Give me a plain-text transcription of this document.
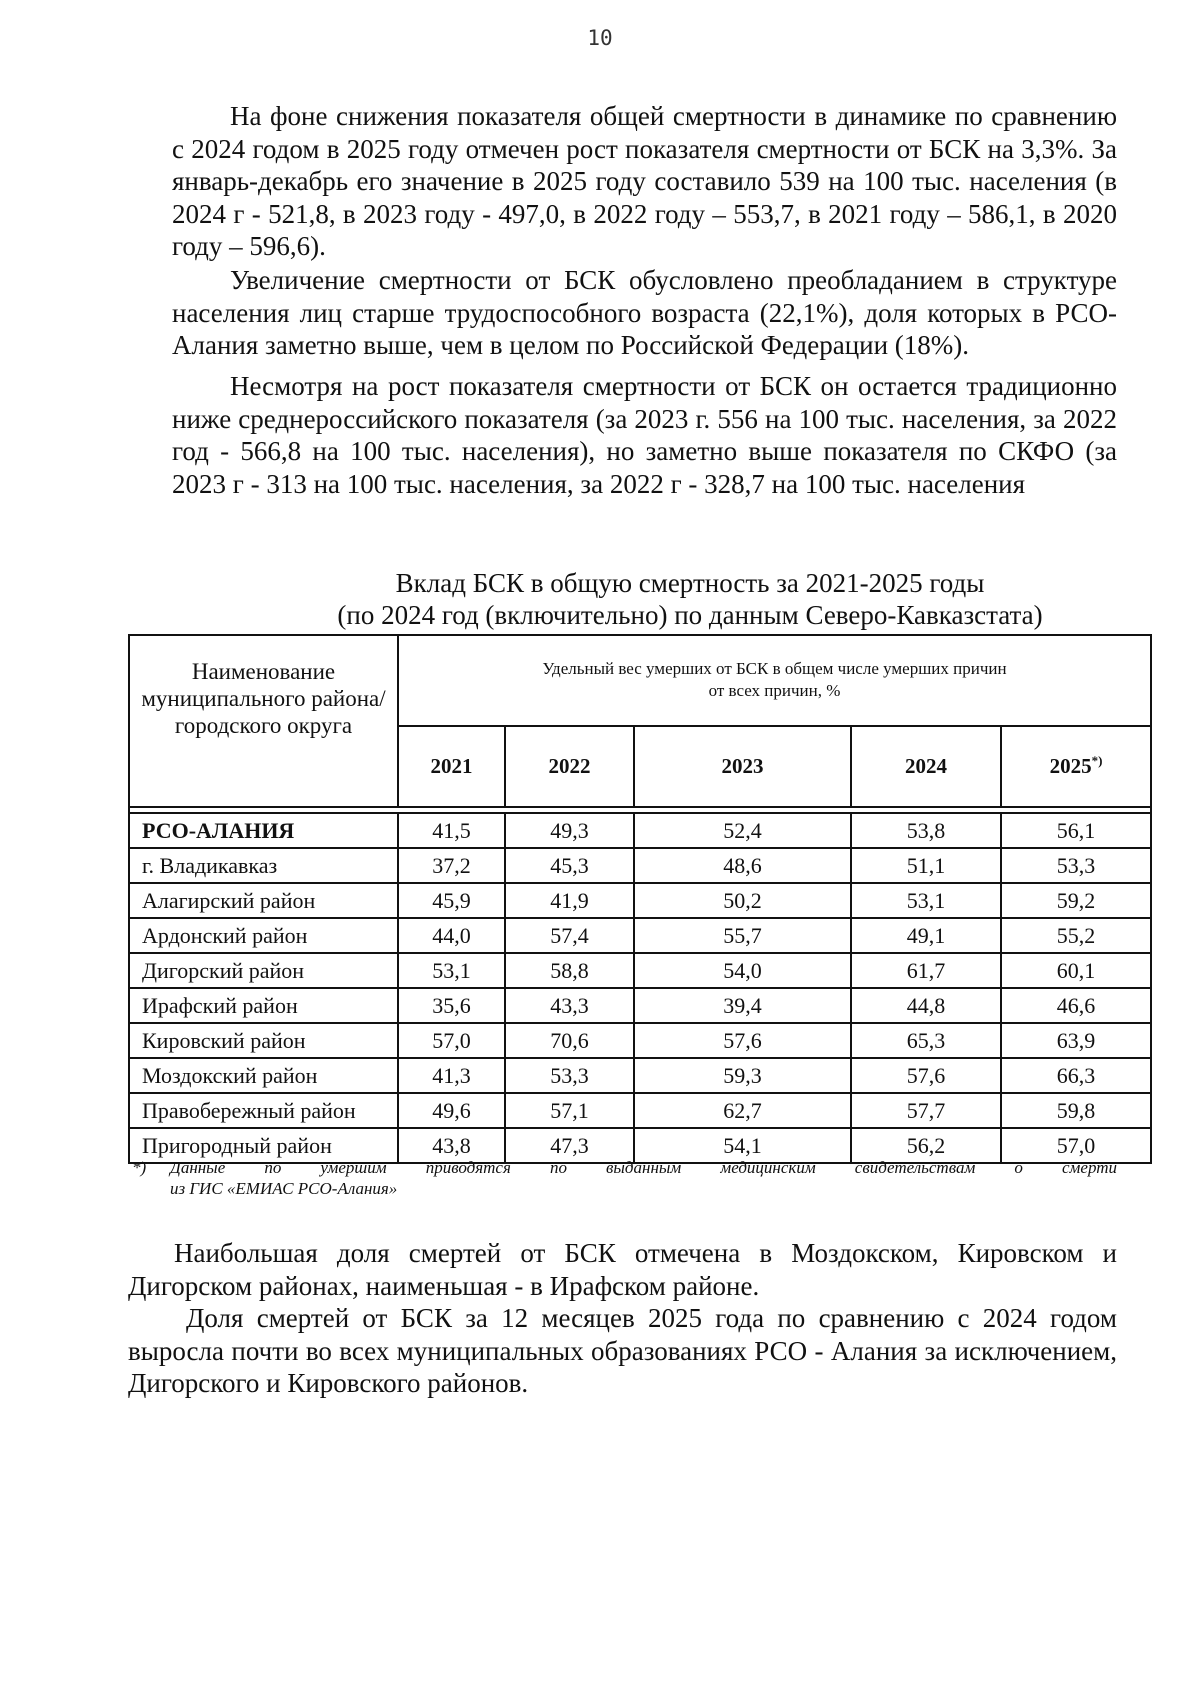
10

На фоне снижения показателя общей смертности в динамике по сравнению с 2024 годом в 2025 году отмечен рост показателя смертности от БСК на 3,3%. За январь-декабрь его значение в 2025 году составило 539 на 100 тыс. населения (в 2024 г - 521,8, в 2023 году - 497,0, в 2022 году – 553,7, в 2021 году – 586,1, в 2020 году – 596,6).

Увеличение смертности от БСК обусловлено преобладанием в структуре населения лиц старше трудоспособного возраста (22,1%), доля которых в РСО-Алания заметно выше, чем в целом по Российской Федерации (18%).

Несмотря на рост показателя смертности от БСК он остается традиционно ниже среднероссийского показателя (за 2023 г. 556 на 100 тыс. населения, за 2022 год - 566,8 на 100 тыс. населения), но заметно выше показателя по СКФО (за 2023 г - 313 на 100 тыс. населения, за 2022 г - 328,7 на 100 тыс. населения

Вклад БСК в общую смертность за 2021-2025 годы
(по 2024 год (включительно) по данным Северо-Кавказстата)
Наименование муниципального района/городского округа	Удельный вес умерших от БСК в общем числе умерших причин
от всех причин, %				
	2021	2022	2023	2024	2025*)

РСО-АЛАНИЯ	41,5	49,3	52,4	53,8	56,1
г. Владикавказ	37,2	45,3	48,6	51,1	53,3
Алагирский район	45,9	41,9	50,2	53,1	59,2
Ардонский район	44,0	57,4	55,7	49,1	55,2
Дигорский район	53,1	58,8	54,0	61,7	60,1
Ирафский район	35,6	43,3	39,4	44,8	46,6
Кировский район	57,0	70,6	57,6	65,3	63,9
Моздокский район	41,3	53,3	59,3	57,6	66,3
Правобережный район	49,6	57,1	62,7	57,7	59,8
Пригородный район	43,8	47,3	54,1	56,2	57,0
*) Данные по умершим приводятся по выданным медицинским свидетельствам о смерти
из ГИС «ЕМИАС РСО-Алания»

Наибольшая доля смертей от БСК отмечена в Моздокском, Кировском и Дигорском районах, наименьшая - в Ирафском районе.

Доля смертей от БСК за 12 месяцев 2025 года по сравнению с 2024 годом выросла почти во всех муниципальных образованиях РСО - Алания за исключением, Дигорского и Кировского районов.
